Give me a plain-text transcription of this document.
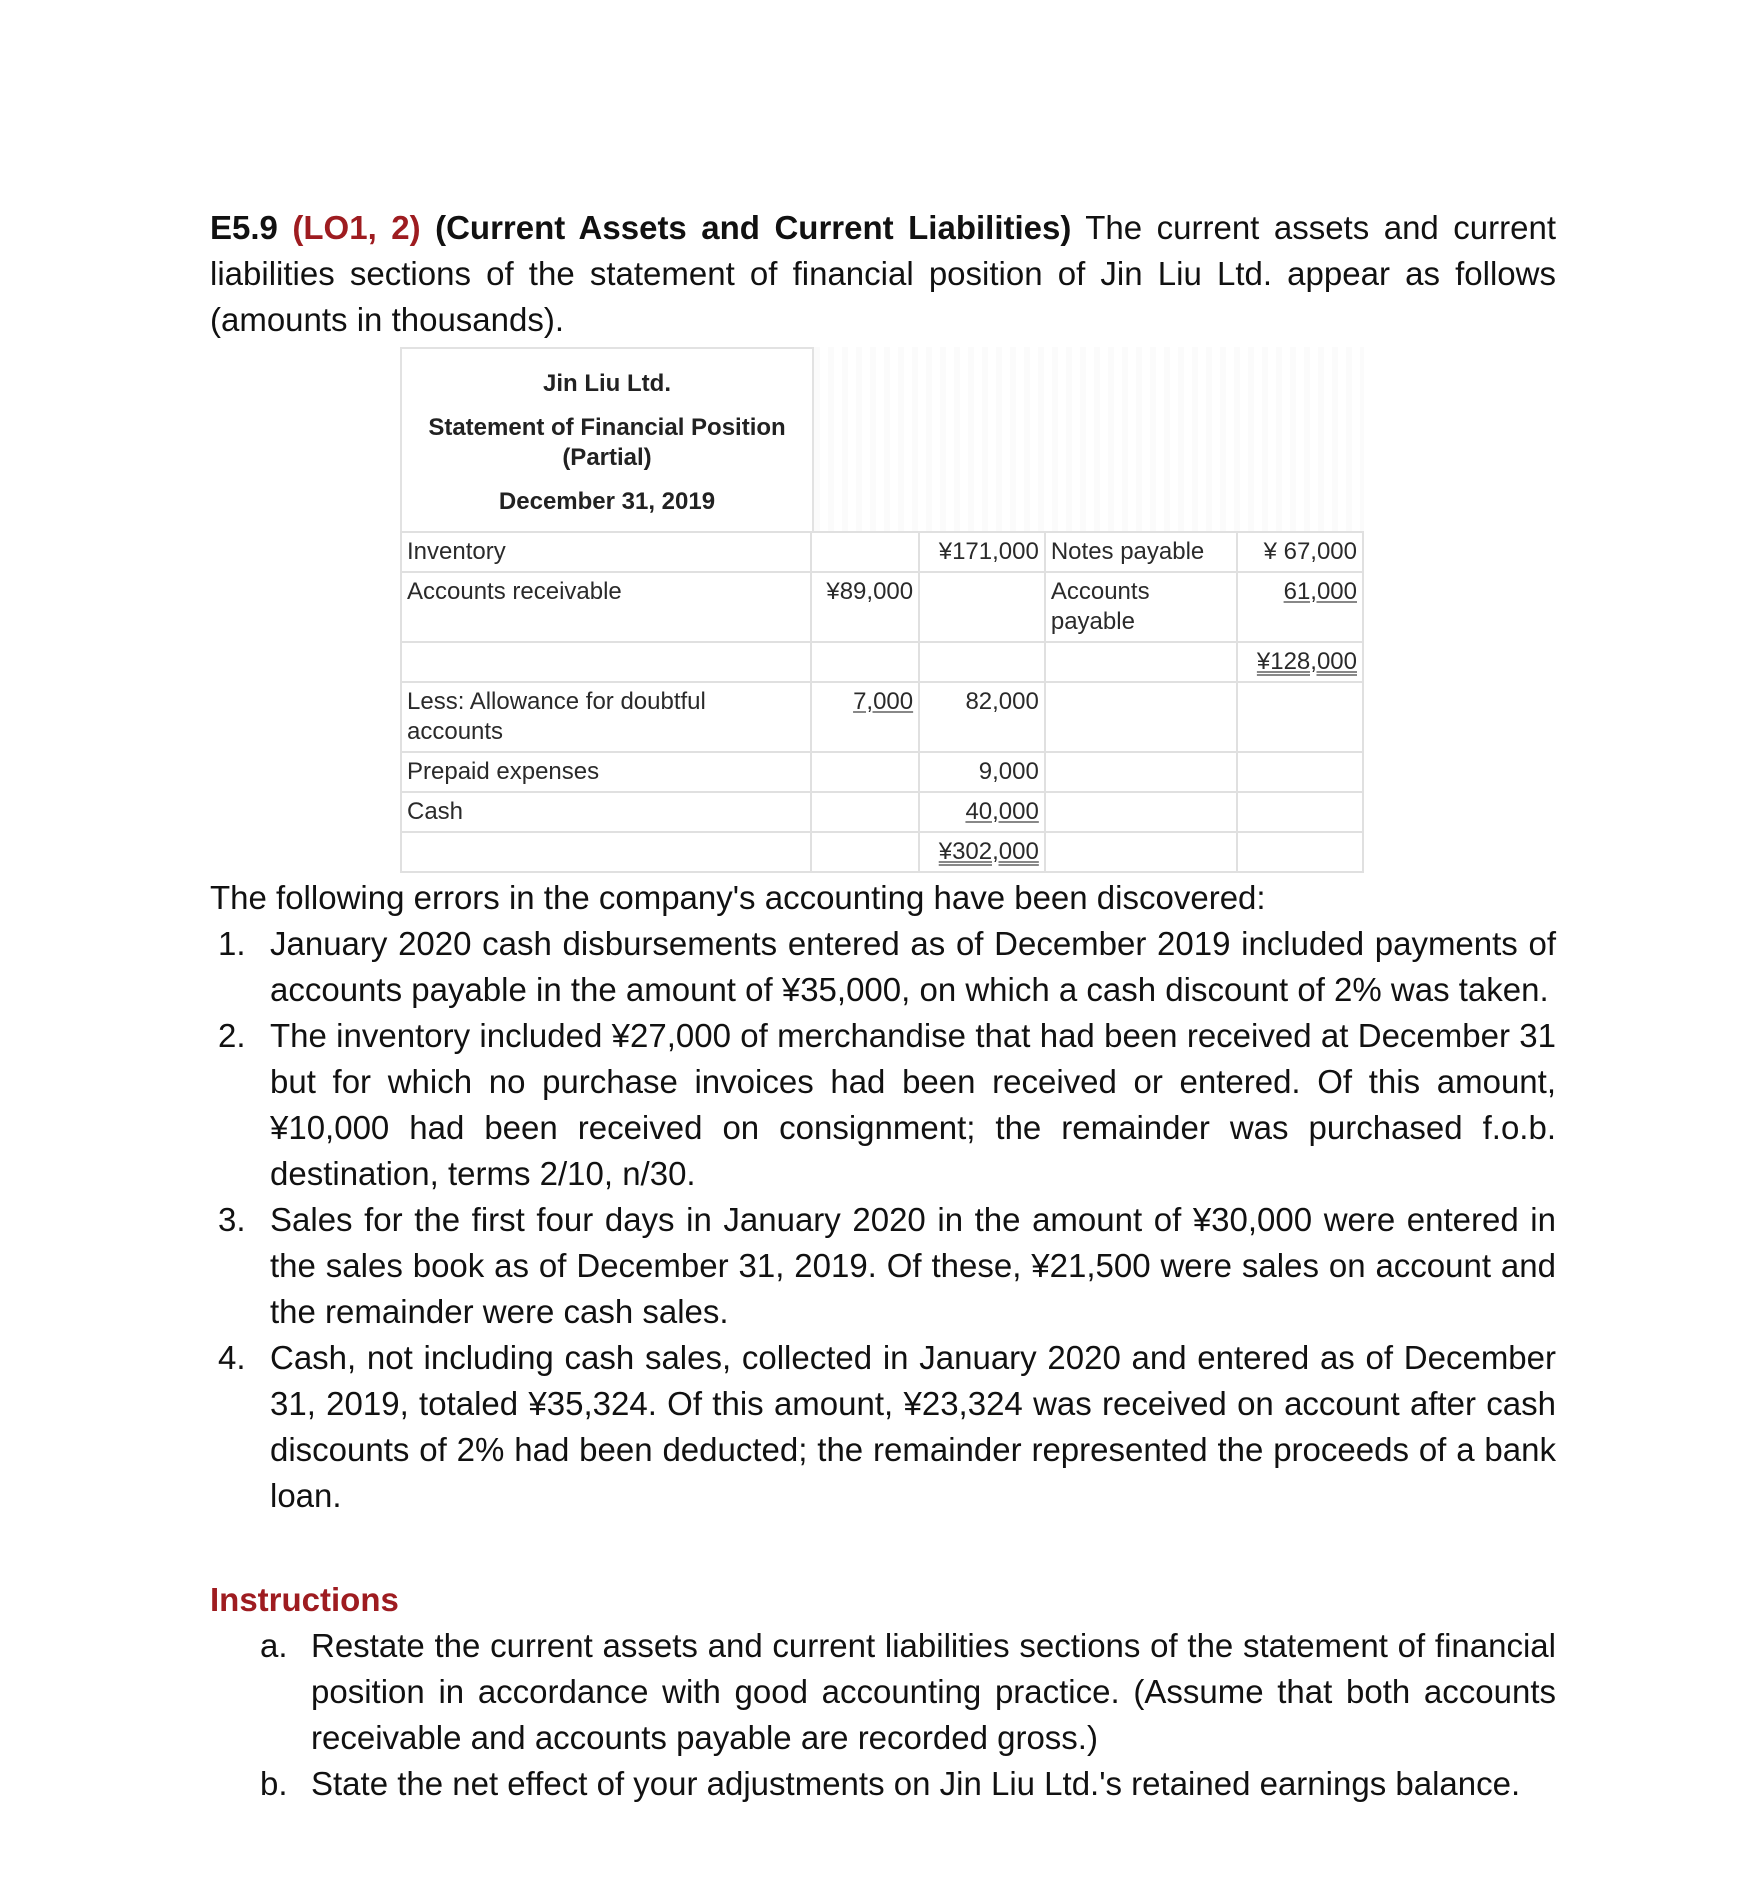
E5.9 (LO1, 2) (Current Assets and Current Liabilities) The current assets and current liabilities sections of the statement of financial position of Jin Liu Ltd. appear as follows (amounts in thousands).

Jin Liu Ltd.
Statement of Financial Position
(Partial)
December 31, 2019
Inventory		¥171,000	Notes payable	¥ 67,000
Accounts receivable	¥89,000		Accounts payable	61,000
				¥128,000
Less: Allowance for doubtful accounts	7,000	82,000		
Prepaid expenses		9,000		
Cash		40,000		
		¥302,000		

The following errors in the company's accounting have been discovered:

1. January 2020 cash disbursements entered as of December 2019 included payments of accounts payable in the amount of ¥35,000, on which a cash discount of 2% was taken.
2. The inventory included ¥27,000 of merchandise that had been received at December 31 but for which no purchase invoices had been received or entered. Of this amount, ¥10,000 had been received on consignment; the remainder was purchased f.o.b. destination, terms 2/10, n/30.
3. Sales for the first four days in January 2020 in the amount of ¥30,000 were entered in the sales book as of December 31, 2019. Of these, ¥21,500 were sales on account and the remainder were cash sales.
4. Cash, not including cash sales, collected in January 2020 and entered as of December 31, 2019, totaled ¥35,324. Of this amount, ¥23,324 was received on account after cash discounts of 2% had been deducted; the remainder represented the proceeds of a bank loan.

Instructions

a. Restate the current assets and current liabilities sections of the statement of financial position in accordance with good accounting practice. (Assume that both accounts receivable and accounts payable are recorded gross.)
b. State the net effect of your adjustments on Jin Liu Ltd.'s retained earnings balance.
